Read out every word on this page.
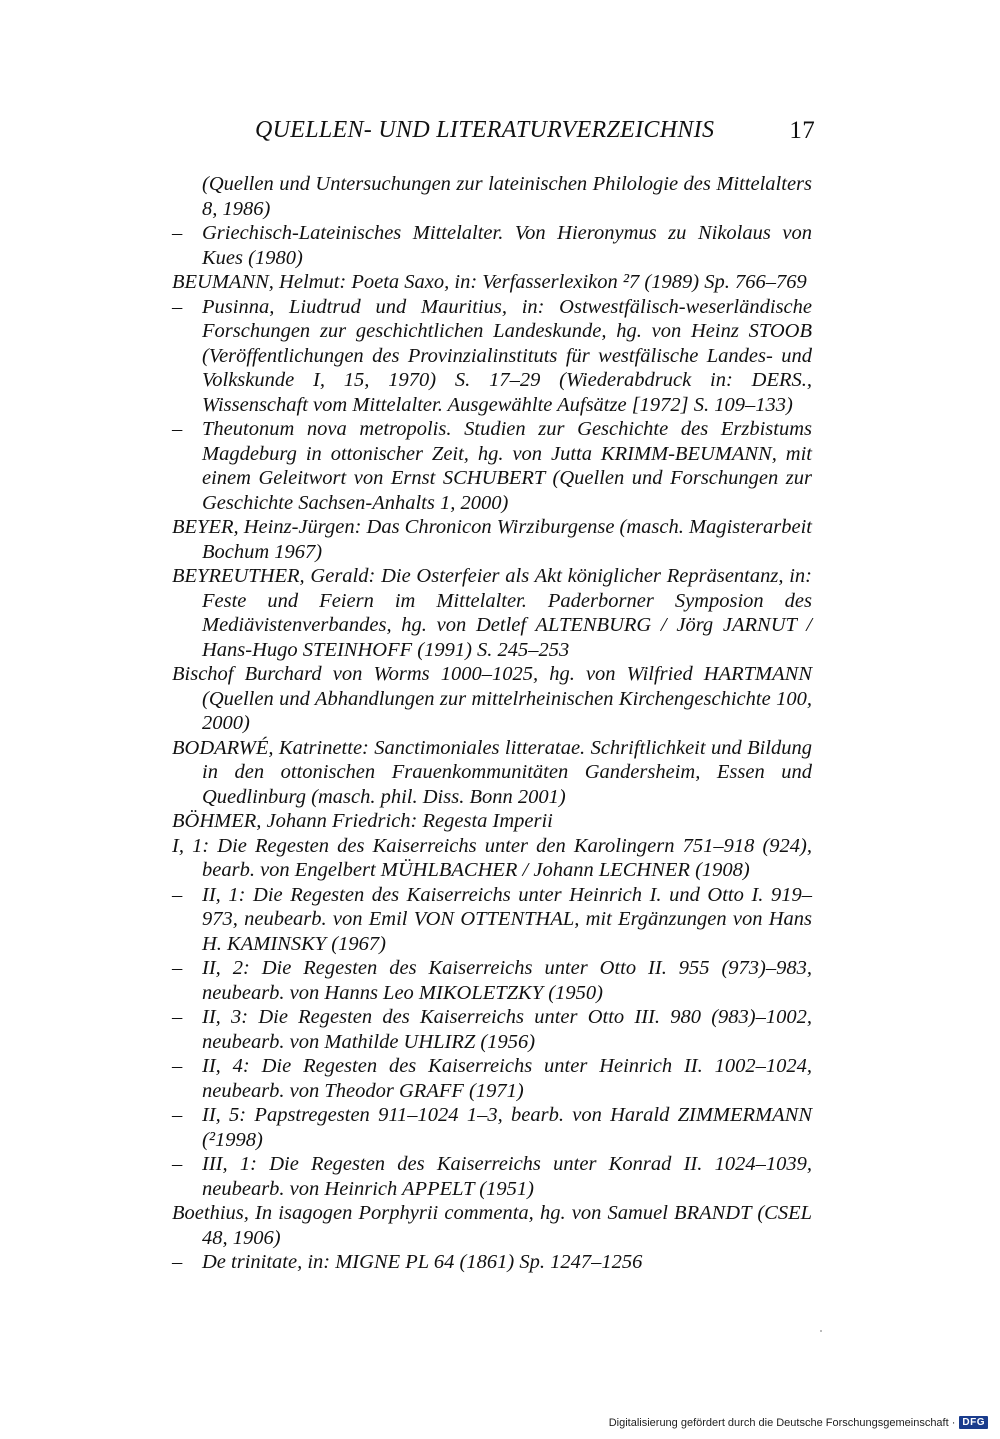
QUELLEN- UND LITERATURVERZEICHNIS	17

(Quellen und Untersuchungen zur lateinischen Philologie des Mittelalters 8, 1986)

– Griechisch-Lateinisches Mittelalter. Von Hieronymus zu Nikolaus von Kues (1980)

BEUMANN, Helmut: Poeta Saxo, in: Verfasserlexikon ²7 (1989) Sp. 766–769

– Pusinna, Liudtrud und Mauritius, in: Ostwestfälisch-weserländische Forschungen zur geschichtlichen Landeskunde, hg. von Heinz STOOB (Veröffentlichungen des Provinzialinstituts für westfälische Landes- und Volkskunde I, 15, 1970) S. 17–29 (Wiederabdruck in: DERS., Wissenschaft vom Mittelalter. Ausgewählte Aufsätze [1972] S. 109–133)

– Theutonum nova metropolis. Studien zur Geschichte des Erzbistums Magdeburg in ottonischer Zeit, hg. von Jutta KRIMM-BEUMANN, mit einem Geleitwort von Ernst SCHUBERT (Quellen und Forschungen zur Geschichte Sachsen-Anhalts 1, 2000)

BEYER, Heinz-Jürgen: Das Chronicon Wirziburgense (masch. Magisterarbeit Bochum 1967)

BEYREUTHER, Gerald: Die Osterfeier als Akt königlicher Repräsentanz, in: Feste und Feiern im Mittelalter. Paderborner Symposion des Mediävistenverbandes, hg. von Detlef ALTENBURG / Jörg JARNUT / Hans-Hugo STEINHOFF (1991) S. 245–253

Bischof Burchard von Worms 1000–1025, hg. von Wilfried HARTMANN (Quellen und Abhandlungen zur mittelrheinischen Kirchengeschichte 100, 2000)

BODARWÉ, Katrinette: Sanctimoniales litteratae. Schriftlichkeit und Bildung in den ottonischen Frauenkommunitäten Gandersheim, Essen und Quedlinburg (masch. phil. Diss. Bonn 2001)

BÖHMER, Johann Friedrich: Regesta Imperii

I, 1: Die Regesten des Kaiserreichs unter den Karolingern 751–918 (924), bearb. von Engelbert MÜHLBACHER / Johann LECHNER (1908)

– II, 1: Die Regesten des Kaiserreichs unter Heinrich I. und Otto I. 919–973, neubearb. von Emil VON OTTENTHAL, mit Ergänzungen von Hans H. KAMINSKY (1967)

– II, 2: Die Regesten des Kaiserreichs unter Otto II. 955 (973)–983, neubearb. von Hanns Leo MIKOLETZKY (1950)

– II, 3: Die Regesten des Kaiserreichs unter Otto III. 980 (983)–1002, neubearb. von Mathilde UHLIRZ (1956)

– II, 4: Die Regesten des Kaiserreichs unter Heinrich II. 1002–1024, neubearb. von Theodor GRAFF (1971)

– II, 5: Papstregesten 911–1024 1–3, bearb. von Harald ZIMMERMANN (²1998)

– III, 1: Die Regesten des Kaiserreichs unter Konrad II. 1024–1039, neubearb. von Heinrich APPELT (1951)

Boethius, In isagogen Porphyrii commenta, hg. von Samuel BRANDT (CSEL 48, 1906)

– De trinitate, in: MIGNE PL 64 (1861) Sp. 1247–1256

Digitalisierung gefördert durch die Deutsche Forschungsgemeinschaft · DFG
